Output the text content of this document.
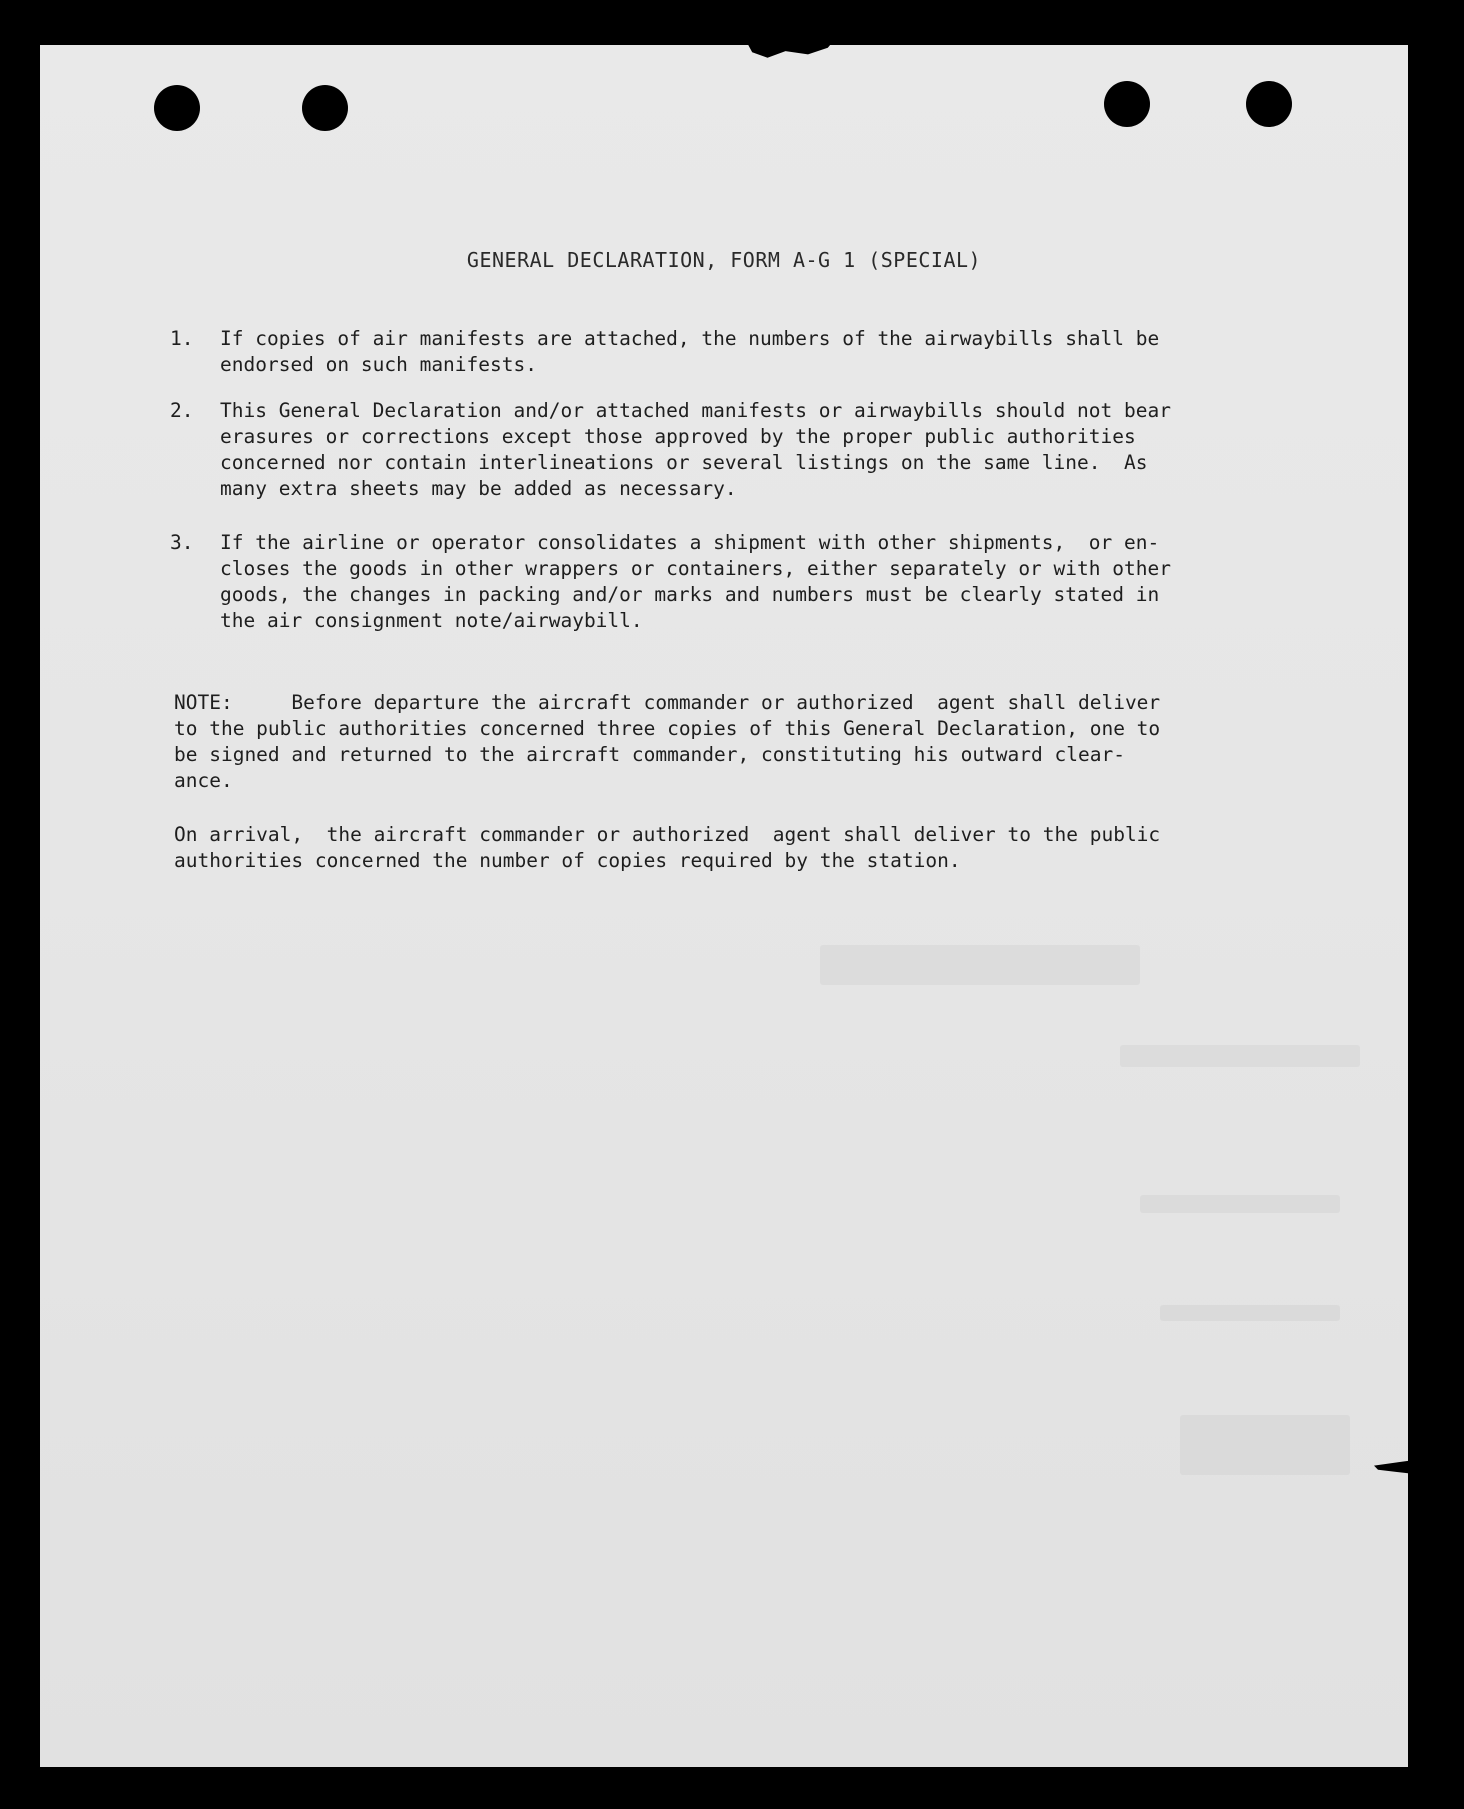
GENERAL DECLARATION, FORM A-G 1 (SPECIAL)
1.	If copies of air manifests are attached, the numbers of the airwaybills shall be
endorsed on such manifests.
2.	This General Declaration and/or attached manifests or airwaybills should not bear
erasures or corrections except those approved by the proper public authorities
concerned nor contain interlineations or several listings on the same line.  As
many extra sheets may be added as necessary.
3.	If the airline or operator consolidates a shipment with other shipments,  or en-
closes the goods in other wrappers or containers, either separately or with other
goods, the changes in packing and/or marks and numbers must be clearly stated in
the air consignment note/airwaybill.
NOTE:     Before departure the aircraft commander or authorized  agent shall deliver
to the public authorities concerned three copies of this General Declaration, one to
be signed and returned to the aircraft commander, constituting his outward clear-
ance.
On arrival,  the aircraft commander or authorized  agent shall deliver to the public
authorities concerned the number of copies required by the station.
